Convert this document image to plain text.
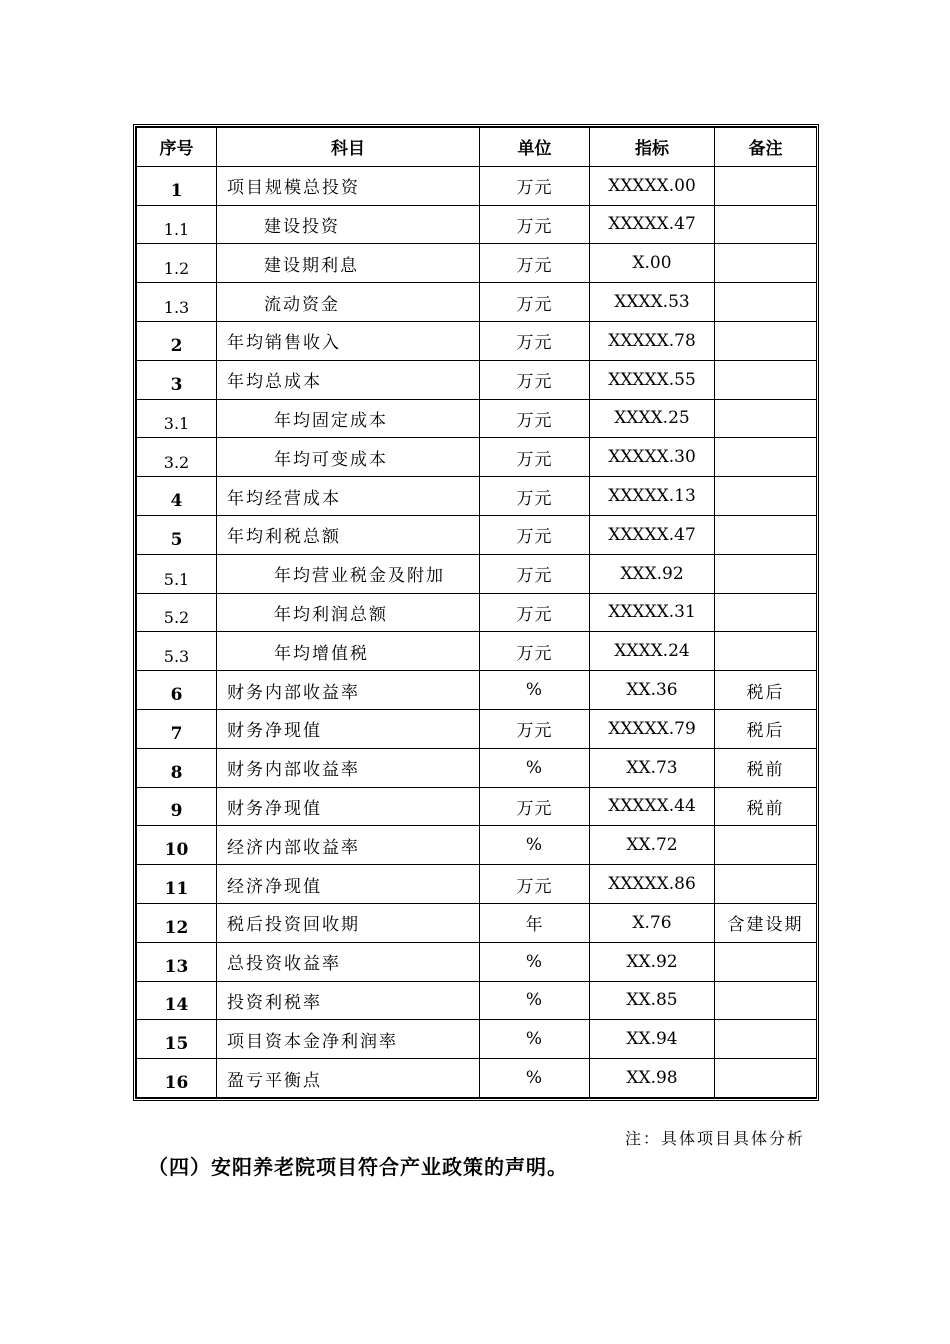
序号	科目	单位	指标	备注
1	项目规模总投资	万元	XXXXX.00	
1.1	建设投资	万元	XXXXX.47	
1.2	建设期利息	万元	X.00	
1.3	流动资金	万元	XXXX.53	
2	年均销售收入	万元	XXXXX.78	
3	年均总成本	万元	XXXXX.55	
3.1	年均固定成本	万元	XXXX.25	
3.2	年均可变成本	万元	XXXXX.30	
4	年均经营成本	万元	XXXXX.13	
5	年均利税总额	万元	XXXXX.47	
5.1	年均营业税金及附加	万元	XXX.92	
5.2	年均利润总额	万元	XXXXX.31	
5.3	年均增值税	万元	XXXX.24	
6	财务内部收益率	%	XX.36	税后
7	财务净现值	万元	XXXXX.79	税后
8	财务内部收益率	%	XX.73	税前
9	财务净现值	万元	XXXXX.44	税前
10	经济内部收益率	%	XX.72	
11	经济净现值	万元	XXXXX.86	
12	税后投资回收期	年	X.76	含建设期
13	总投资收益率	%	XX.92	
14	投资利税率	%	XX.85	
15	项目资本金净利润率	%	XX.94	
16	盈亏平衡点	%	XX.98	
注：具体项目具体分析
（四）安阳养老院项目符合产业政策的声明。
